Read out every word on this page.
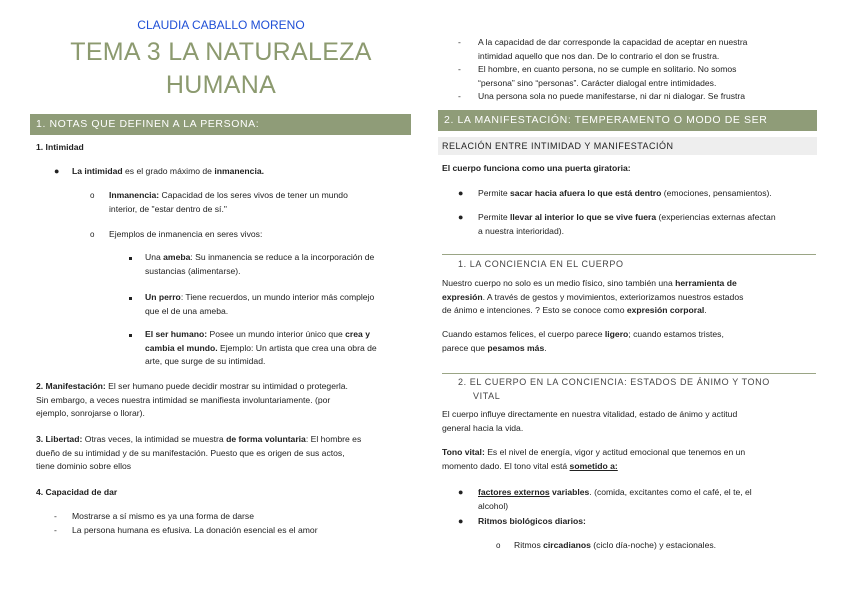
CLAUDIA CABALLO MORENO
TEMA 3 LA NATURALEZA
HUMANA
1. NOTAS QUE DEFINEN A LA PERSONA:
1. Intimidad
● La intimidad es el grado máximo de inmanencia.
o Inmanencia: Capacidad de los seres vivos de tener un mundo
interior, de "estar dentro de sí."
o Ejemplos de inmanencia en seres vivos:
Una ameba: Su inmanencia se reduce a la incorporación de
sustancias (alimentarse).
Un perro: Tiene recuerdos, un mundo interior más complejo
que el de una ameba.
El ser humano: Posee un mundo interior único que crea y
cambia el mundo. Ejemplo: Un artista que crea una obra de
arte, que surge de su intimidad.
2. Manifestación: El ser humano puede decidir mostrar su intimidad o protegerla.
Sin embargo, a veces nuestra intimidad se manifiesta involuntariamente. (por
ejemplo, sonrojarse o llorar).
3. Libertad: Otras veces, la intimidad se muestra de forma voluntaria: El hombre es
dueño de su intimidad y de su manifestación. Puesto que es origen de sus actos,
tiene dominio sobre ellos
4. Capacidad de dar
- Mostrarse a sí mismo es ya una forma de darse
- La persona humana es efusiva. La donación esencial es el amor
- A la capacidad de dar corresponde la capacidad de aceptar en nuestra
intimidad aquello que nos dan. De lo contrario el don se frustra.
- El hombre, en cuanto persona, no se cumple en solitario. No somos
“persona” sino “personas”. Carácter dialogal entre intimidades.
- Una persona sola no puede manifestarse, ni dar ni dialogar. Se frustra
2. LA MANIFESTACIÓN: TEMPERAMENTO O MODO DE SER
RELACIÓN ENTRE INTIMIDAD Y MANIFESTACIÓN
El cuerpo funciona como una puerta giratoria:
● Permite sacar hacia afuera lo que está dentro (emociones, pensamientos).
● Permite llevar al interior lo que se vive fuera (experiencias externas afectan
a nuestra interioridad).
1. LA CONCIENCIA EN EL CUERPO
Nuestro cuerpo no solo es un medio físico, sino también una herramienta de
expresión. A través de gestos y movimientos, exteriorizamos nuestros estados
de ánimo e intenciones. ? Esto se conoce como expresión corporal.
Cuando estamos felices, el cuerpo parece ligero; cuando estamos tristes,
parece que pesamos más.
2. EL CUERPO EN LA CONCIENCIA: ESTADOS DE ÁNIMO Y TONO
VITAL
El cuerpo influye directamente en nuestra vitalidad, estado de ánimo y actitud
general hacia la vida.
Tono vital: Es el nivel de energía, vigor y actitud emocional que tenemos en un
momento dado. El tono vital está sometido a:
● factores externos variables. (comida, excitantes como el café, el te, el
alcohol)
● Ritmos biológicos diarios:
o Ritmos circadianos (ciclo día-noche) y estacionales.
